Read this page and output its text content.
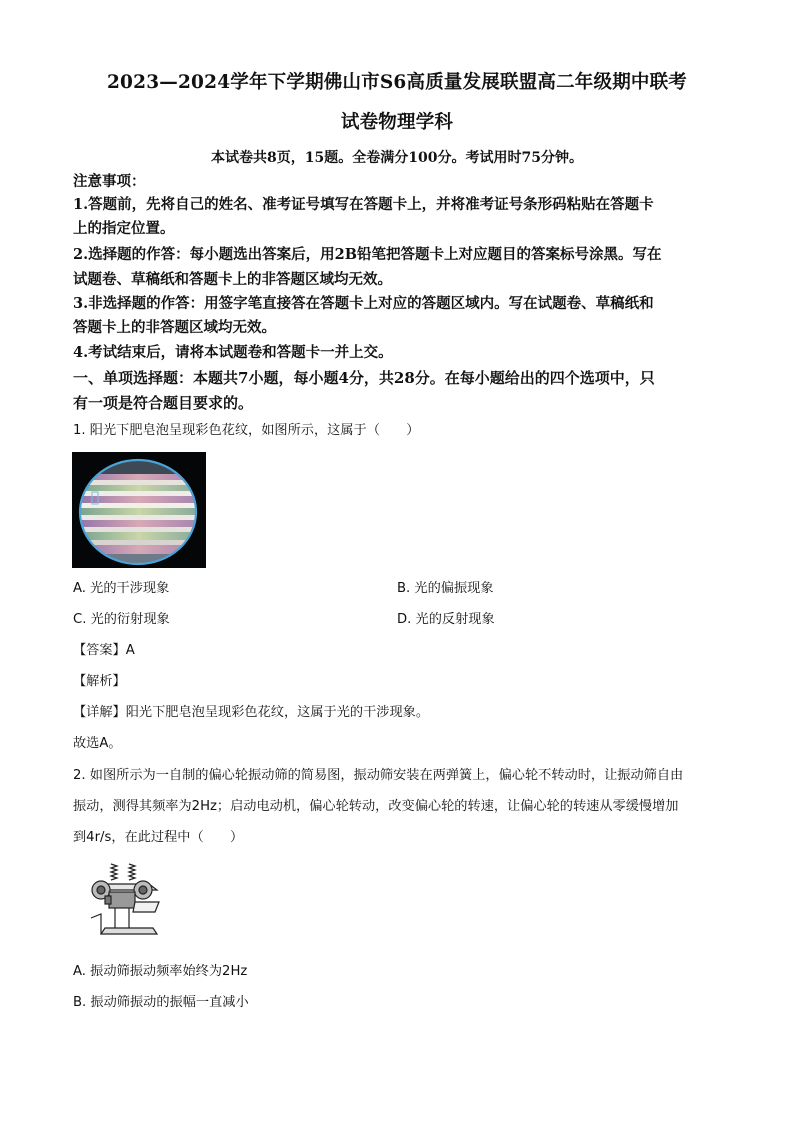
2023—2024学年下学期佛山市S6高质量发展联盟高二年级期中联考
试卷物理学科
本试卷共8页，15题。全卷满分100分。考试用时75分钟。
注意事项：
1.答题前，先将自己的姓名、准考证号填写在答题卡上，并将准考证号条形码粘贴在答题卡
上的指定位置。
2.选择题的作答：每小题选出答案后，用2B铅笔把答题卡上对应题目的答案标号涂黑。写在
试题卷、草稿纸和答题卡上的非答题区域均无效。
3.非选择题的作答：用签字笔直接答在答题卡上对应的答题区域内。写在试题卷、草稿纸和
答题卡上的非答题区域均无效。
4.考试结束后，请将本试题卷和答题卡一并上交。
一、单项选择题：本题共7小题，每小题4分，共28分。在每小题给出的四个选项中，只
有一项是符合题目要求的。
1. 阳光下肥皂泡呈现彩色花纹，如图所示，这属于（　　）
A. 光的干涉现象	B. 光的偏振现象
C. 光的衍射现象	D. 光的反射现象
【答案】A
【解析】
【详解】阳光下肥皂泡呈现彩色花纹，这属于光的干涉现象。
故选A。
2. 如图所示为一自制的偏心轮振动筛的简易图，振动筛安装在两弹簧上，偏心轮不转动时，让振动筛自由
振动，测得其频率为2Hz；启动电动机，偏心轮转动，改变偏心轮的转速，让偏心轮的转速从零缓慢增加
到4r/s，在此过程中（　　）
A. 振动筛振动频率始终为2Hz
B. 振动筛振动的振幅一直减小
